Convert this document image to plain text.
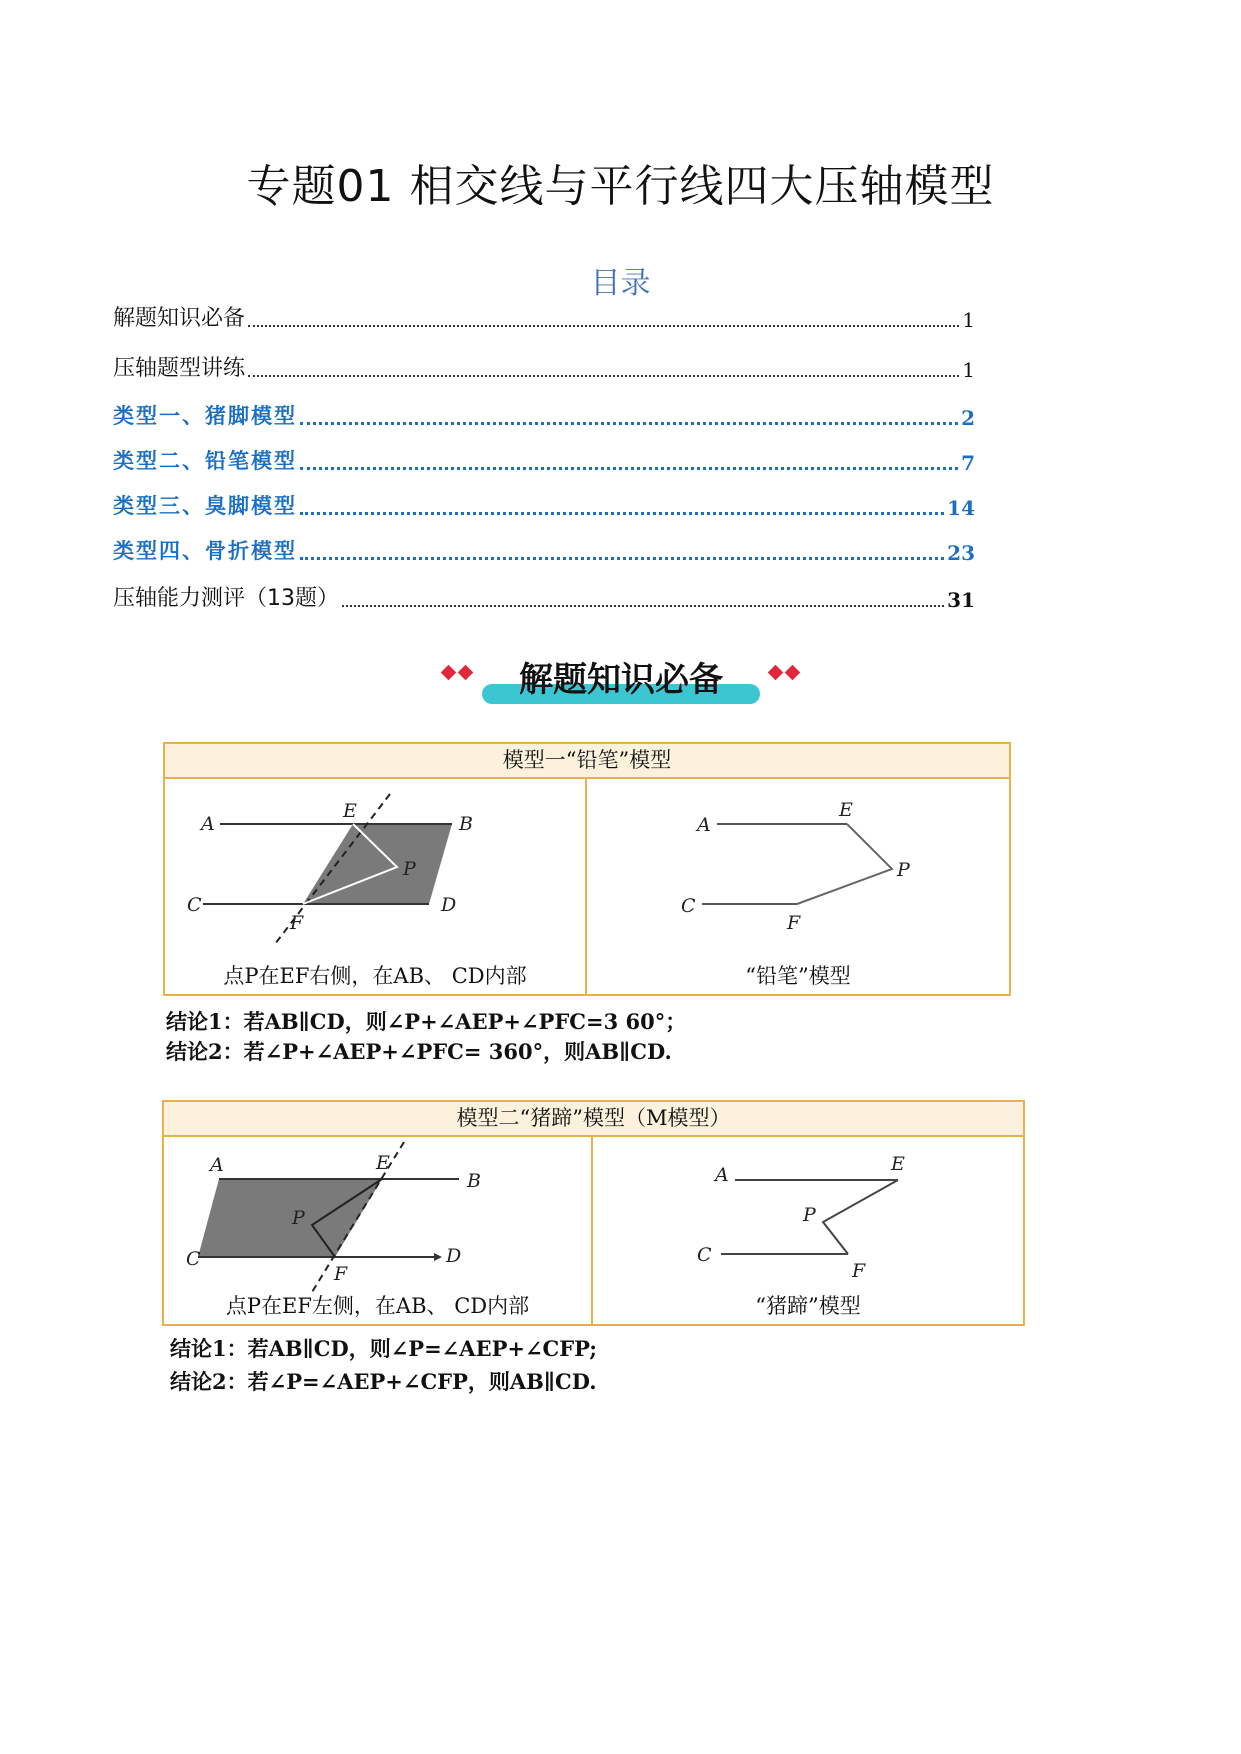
专题01 相交线与平行线四大压轴模型
目录
解题知识必备	1
压轴题型讲练	1
类型一、猪脚模型	2
类型二、铅笔模型	7
类型三、臭脚模型	14
类型四、骨折模型	23
压轴能力测评（13题）	31
解题知识必备
模型一“铅笔”模型
A	B
C	D
E
F
P
点P在EF右侧，在AB、 CD内部
A
C
E
F
P
“铅笔”模型
结论1：若AB∥CD，则∠P+∠AEP+∠PFC=3 60°；
结论2：若∠P+∠AEP+∠PFC= 360°，则AB∥CD.
模型二“猪蹄”模型（M模型）
A
B
C	D
E
F
P
点P在EF左侧，在AB、 CD内部
A
C
E
F
P
“猪蹄”模型
结论1：若AB∥CD，则∠P=∠AEP+∠CFP;
结论2：若∠P=∠AEP+∠CFP，则AB∥CD.
